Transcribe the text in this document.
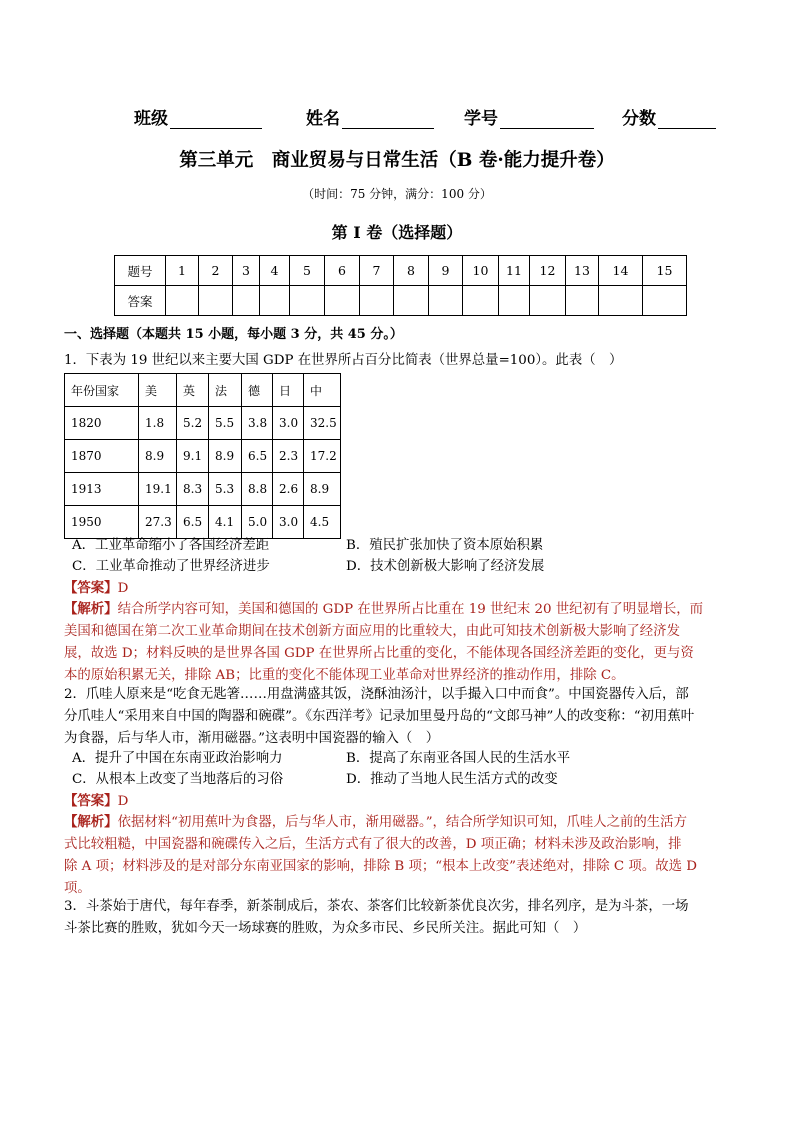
班级	姓名	学号	分数
第三单元　商业贸易与日常生活（B 卷·能力提升卷）
（时间：75 分钟，满分：100 分）
第 I 卷（选择题）
题号	1	2	3	4	5	6	7	8	9	10	11	12	13	14	15
答案															
一、选择题（本题共 15 小题，每小题 3 分，共 45 分。）
1．下表为 19 世纪以来主要大国 GDP 在世界所占百分比简表（世界总量=100）。此表（　）
年份国家	美	英	法	德	日	中
1820	1.8	5.2	5.5	3.8	3.0	32.5
1870	8.9	9.1	8.9	6.5	2.3	17.2
1913	19.1	8.3	5.3	8.8	2.6	8.9
1950	27.3	6.5	4.1	5.0	3.0	4.5
A．工业革命缩小了各国经济差距	B．殖民扩张加快了资本原始积累
C．工业革命推动了世界经济进步	D．技术创新极大影响了经济发展
【答案】D
【解析】结合所学内容可知，美国和德国的 GDP 在世界所占比重在 19 世纪末 20 世纪初有了明显增长，而
美国和德国在第二次工业革命期间在技术创新方面应用的比重较大，由此可知技术创新极大影响了经济发
展，故选 D；材料反映的是世界各国 GDP 在世界所占比重的变化，不能体现各国经济差距的变化，更与资
本的原始积累无关，排除 AB；比重的变化不能体现工业革命对世界经济的推动作用，排除 C。
2．爪哇人原来是“吃食无匙箸……用盘满盛其饭，浇酥油汤汁，以手撮入口中而食”。中国瓷器传入后，部
分爪哇人“采用来自中国的陶器和碗碟”。《东西洋考》记录加里曼丹岛的“文郎马神”人的改变称：“初用蕉叶
为食器，后与华人市，渐用磁器。”这表明中国瓷器的输入（　）
A．提升了中国在东南亚政治影响力	B．提高了东南亚各国人民的生活水平
C．从根本上改变了当地落后的习俗	D．推动了当地人民生活方式的改变
【答案】D
【解析】依据材料“初用蕉叶为食器，后与华人市，渐用磁器。”，结合所学知识可知，爪哇人之前的生活方
式比较粗糙，中国瓷器和碗碟传入之后，生活方式有了很大的改善，D 项正确；材料未涉及政治影响，排
除 A 项；材料涉及的是对部分东南亚国家的影响，排除 B 项；“根本上改变”表述绝对，排除 C 项。故选 D
项。
3．斗茶始于唐代，每年春季，新茶制成后，茶农、茶客们比较新茶优良次劣，排名列序，是为斗茶，一场
斗茶比赛的胜败，犹如今天一场球赛的胜败，为众多市民、乡民所关注。据此可知（　）
